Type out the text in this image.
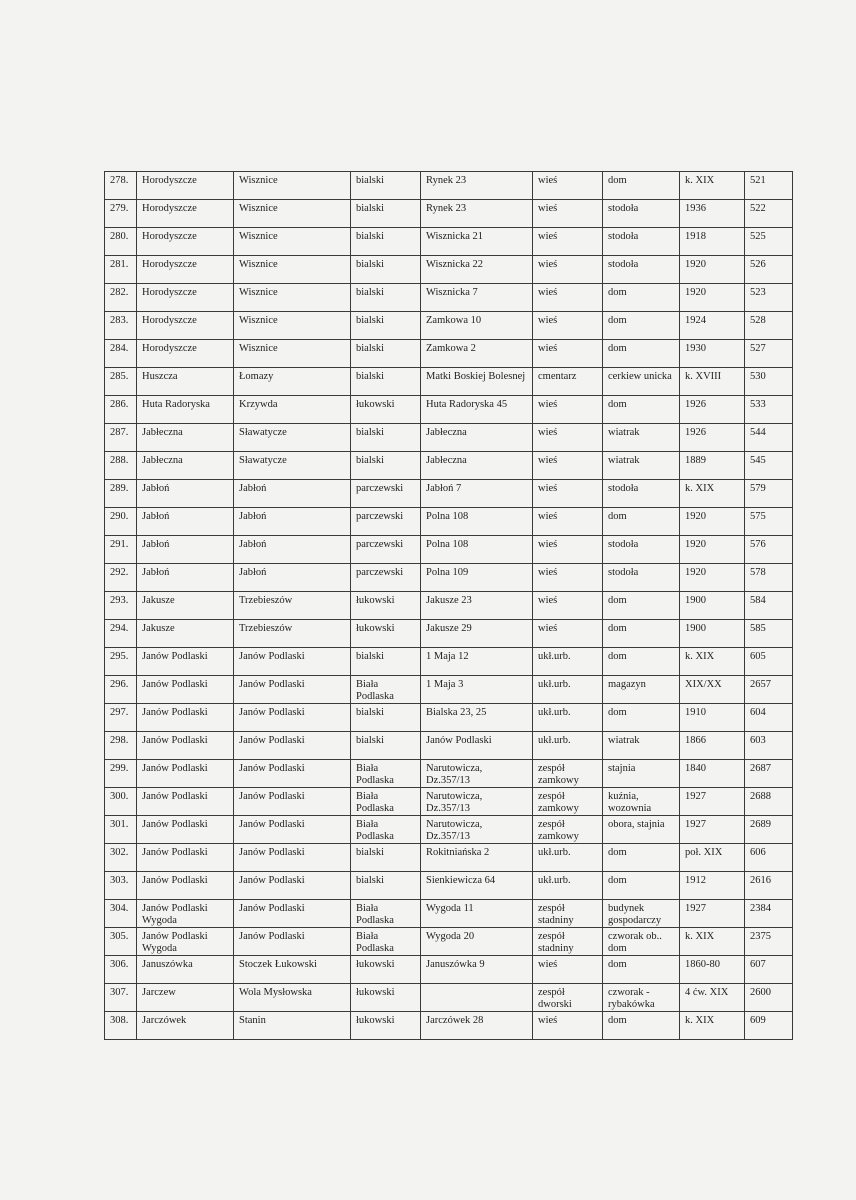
278.	Horodyszcze	Wisznice	bialski	Rynek 23	wieś	dom	k. XIX	521
279.	Horodyszcze	Wisznice	bialski	Rynek 23	wieś	stodoła	1936	522
280.	Horodyszcze	Wisznice	bialski	Wisznicka 21	wieś	stodoła	1918	525
281.	Horodyszcze	Wisznice	bialski	Wisznicka 22	wieś	stodoła	1920	526
282.	Horodyszcze	Wisznice	bialski	Wisznicka 7	wieś	dom	1920	523
283.	Horodyszcze	Wisznice	bialski	Zamkowa 10	wieś	dom	1924	528
284.	Horodyszcze	Wisznice	bialski	Zamkowa 2	wieś	dom	1930	527
285.	Huszcza	Łomazy	bialski	Matki Boskiej Bolesnej	cmentarz	cerkiew unicka	k. XVIII	530
286.	Huta Radoryska	Krzywda	łukowski	Huta Radoryska 45	wieś	dom	1926	533
287.	Jabłeczna	Sławatycze	bialski	Jabłeczna	wieś	wiatrak	1926	544
288.	Jabłeczna	Sławatycze	bialski	Jabłeczna	wieś	wiatrak	1889	545
289.	Jabłoń	Jabłoń	parczewski	Jabłoń 7	wieś	stodoła	k. XIX	579
290.	Jabłoń	Jabłoń	parczewski	Polna 108	wieś	dom	1920	575
291.	Jabłoń	Jabłoń	parczewski	Polna 108	wieś	stodoła	1920	576
292.	Jabłoń	Jabłoń	parczewski	Polna 109	wieś	stodoła	1920	578
293.	Jakusze	Trzebieszów	łukowski	Jakusze 23	wieś	dom	1900	584
294.	Jakusze	Trzebieszów	łukowski	Jakusze 29	wieś	dom	1900	585
295.	Janów Podlaski	Janów Podlaski	bialski	1 Maja 12	ukł.urb.	dom	k. XIX	605
296.	Janów Podlaski	Janów Podlaski	Biała Podlaska	1 Maja 3	ukł.urb.	magazyn	XIX/XX	2657
297.	Janów Podlaski	Janów Podlaski	bialski	Bialska 23, 25	ukł.urb.	dom	1910	604
298.	Janów Podlaski	Janów Podlaski	bialski	Janów Podlaski	ukł.urb.	wiatrak	1866	603
299.	Janów Podlaski	Janów Podlaski	Biała Podlaska	Narutowicza, Dz.357/13	zespół zamkowy	stajnia	1840	2687
300.	Janów Podlaski	Janów Podlaski	Biała Podlaska	Narutowicza, Dz.357/13	zespół zamkowy	kuźnia, wozownia	1927	2688
301.	Janów Podlaski	Janów Podlaski	Biała Podlaska	Narutowicza, Dz.357/13	zespół zamkowy	obora, stajnia	1927	2689
302.	Janów Podlaski	Janów Podlaski	bialski	Rokitniańska 2	ukł.urb.	dom	poł. XIX	606
303.	Janów Podlaski	Janów Podlaski	bialski	Sienkiewicza 64	ukł.urb.	dom	1912	2616
304.	Janów Podlaski Wygoda	Janów Podlaski	Biała Podlaska	Wygoda 11	zespół stadniny	budynek gospodarczy	1927	2384
305.	Janów Podlaski Wygoda	Janów Podlaski	Biała Podlaska	Wygoda 20	zespół stadniny	czworak ob.. dom	k. XIX	2375
306.	Januszówka	Stoczek Łukowski	łukowski	Januszówka 9	wieś	dom	1860-80	607
307.	Jarczew	Wola Mysłowska	łukowski		zespół dworski	czworak - rybakówka	4 ćw. XIX	2600
308.	Jarczówek	Stanin	łukowski	Jarczówek 28	wieś	dom	k. XIX	609
